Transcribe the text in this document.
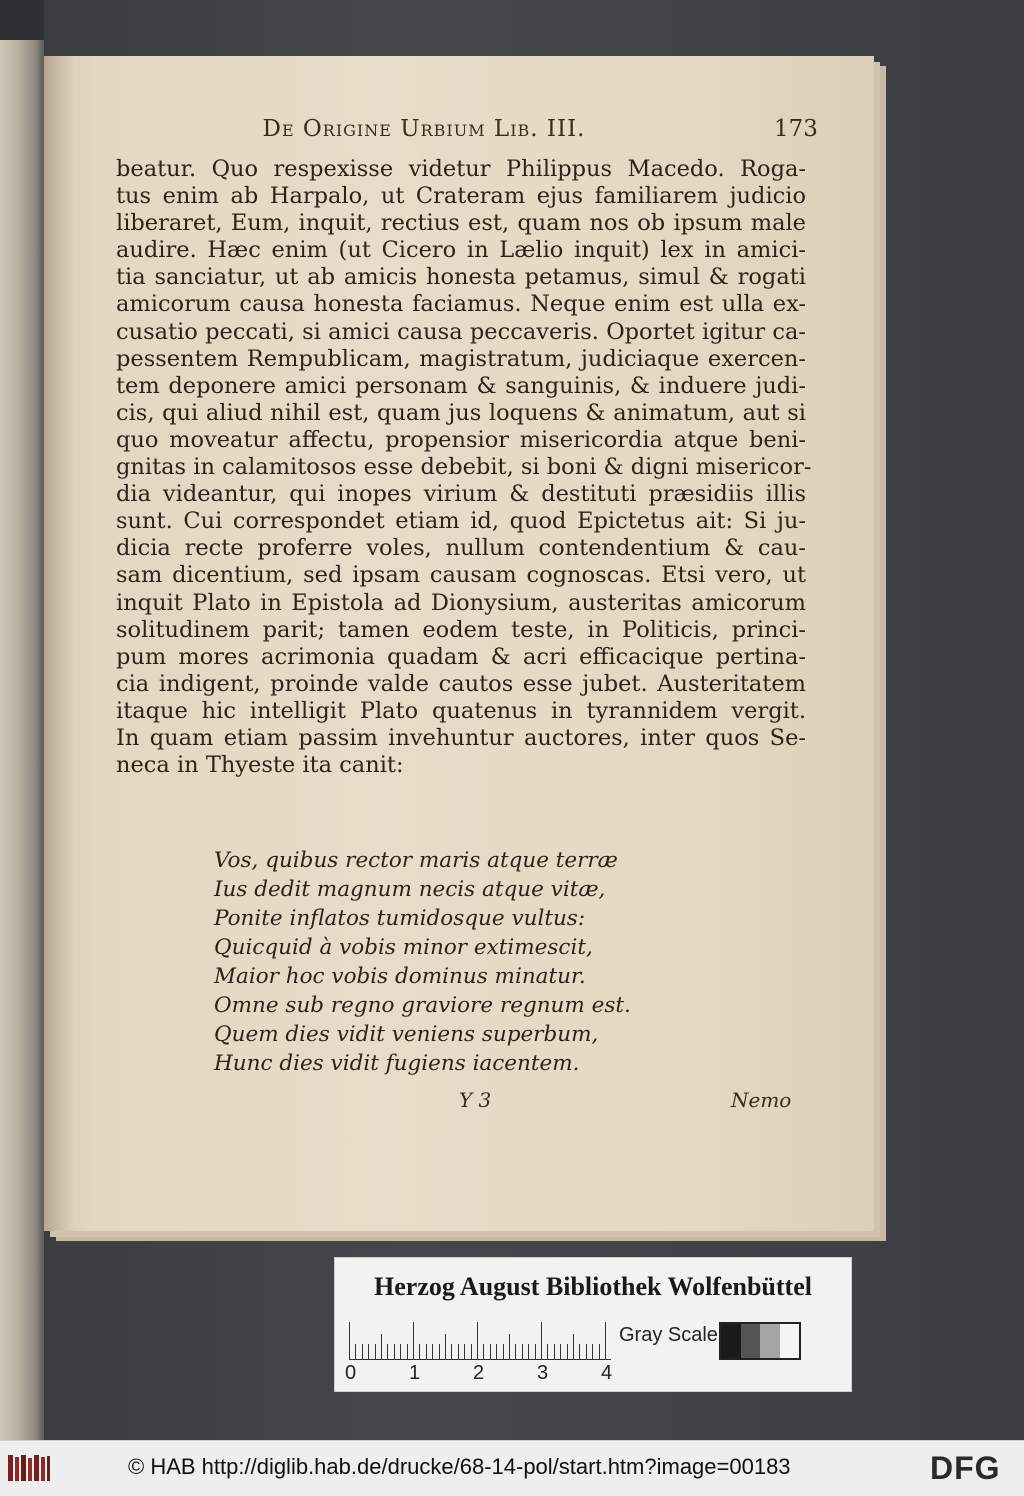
De Origine Urbium Lib. III.	173
beatur. Quo respexisse videtur Philippus Macedo. Roga-
tus enim ab Harpalo, ut Crateram ejus familiarem judicio
liberaret, Eum, inquit, rectius est, quam nos ob ipsum male
audire. Hæc enim (ut Cicero in Lælio inquit) lex in amici-
tia sanciatur, ut ab amicis honesta petamus, simul & rogati
amicorum causa honesta faciamus. Neque enim est ulla ex-
cusatio peccati, si amici causa peccaveris. Oportet igitur ca-
pessentem Rempublicam, magistratum, judiciaque exercen-
tem deponere amici personam & sanguinis, & induere judi-
cis, qui aliud nihil est, quam jus loquens & animatum, aut si
quo moveatur affectu, propensior misericordia atque beni-
gnitas in calamitosos esse debebit, si boni & digni misericor-
dia videantur, qui inopes virium & destituti præsidiis illis
sunt. Cui correspondet etiam id, quod Epictetus ait: Si ju-
dicia recte proferre voles, nullum contendentium & cau-
sam dicentium, sed ipsam causam cognoscas. Etsi vero, ut
inquit Plato in Epistola ad Dionysium, austeritas amicorum
solitudinem parit; tamen eodem teste, in Politicis, princi-
pum mores acrimonia quadam & acri efficacique pertina-
cia indigent, proinde valde cautos esse jubet. Austeritatem
itaque hic intelligit Plato quatenus in tyrannidem vergit.
In quam etiam passim invehuntur auctores, inter quos Se-
neca in Thyeste ita canit:
Vos, quibus rector maris atque terræ
Ius dedit magnum necis atque vitæ,
Ponite inflatos tumidosque vultus:
Quicquid à vobis minor extimescit,
Maior hoc vobis dominus minatur.
Omne sub regno graviore regnum est.
Quem dies vidit veniens superbum,
Hunc dies vidit fugiens iacentem.
Y 3	Nemo
Herzog August Bibliothek Wolfenbüttel
0	1	2	3	4
Gray Scale
© HAB http://diglib.hab.de/drucke/68-14-pol/start.htm?image=00183	DFG
